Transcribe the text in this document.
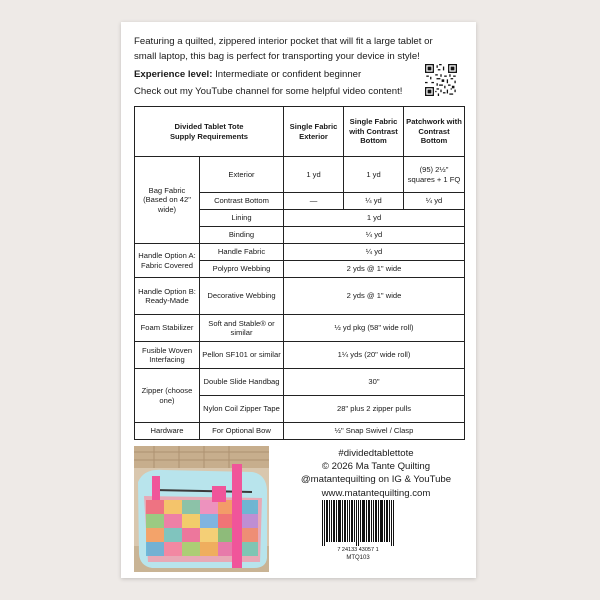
Featuring a quilted, zippered interior pocket that will fit a large tablet or
small laptop, this bag is perfect for transporting your device in style!
Experience level: Intermediate or confident beginner
Check out my YouTube channel for some helpful video content!
Divided Tablet Tote
Supply Requirements		Single Fabric Exterior	Single Fabric with Contrast Bottom	Patchwork with Contrast Bottom
Bag Fabric (Based on 42" wide)	Exterior	1 yd	1 yd	(95) 2½" squares + 1 FQ
	Contrast Bottom	—	¼ yd	¼ yd
	Lining	1 yd		
	Binding	¼ yd		
Handle Option A: Fabric Covered	Handle Fabric	¼ yd		
	Polypro Webbing	2 yds @ 1" wide		
Handle Option B: Ready-Made	Decorative Webbing	2 yds @ 1" wide		
Foam Stabilizer	Soft and Stable® or similar	½ yd pkg (58" wide roll)		
Fusible Woven Interfacing	Pellon SF101 or similar	1¼ yds (20" wide roll)		
Zipper (choose one)	Double Slide Handbag	30"		
	Nylon Coil Zipper Tape	28" plus 2 zipper pulls		
Hardware	For Optional Bow	½" Snap Swivel / Clasp		
#dividedtablettote
© 2026 Ma Tante Quilting
@matantequilting on IG & YouTube
www.matantequilting.com
7 24133 43057 1
MTQ103
